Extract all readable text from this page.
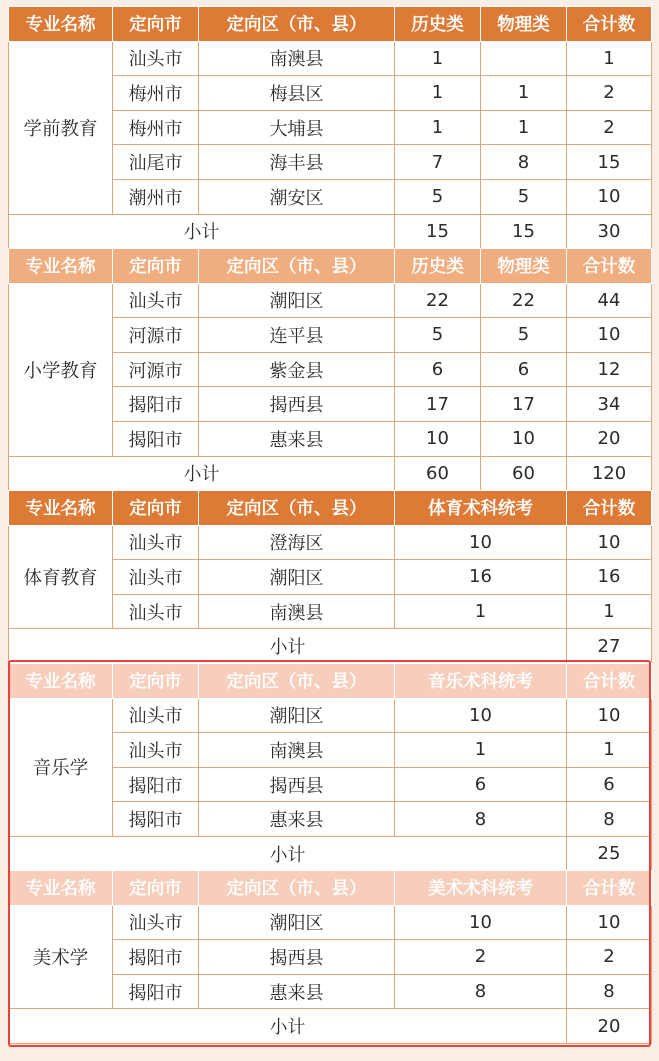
专业名称	定向市	定向区（市、县）	历史类	物理类	合计数
学前教育	汕头市	南澳县	1		1
	梅州市	梅县区	1	1	2
	梅州市	大埔县	1	1	2
	汕尾市	海丰县	7	8	15
	潮州市	潮安区	5	5	10
小计			15	15	30
专业名称	定向市	定向区（市、县）	历史类	物理类	合计数
小学教育	汕头市	潮阳区	22	22	44
	河源市	连平县	5	5	10
	河源市	紫金县	6	6	12
	揭阳市	揭西县	17	17	34
	揭阳市	惠来县	10	10	20
小计			60	60	120
专业名称	定向市	定向区（市、县）	体育术科统考	合计数
体育教育	汕头市	澄海区	10	10
	汕头市	潮阳区	16	16
	汕头市	南澳县	1	1
小计				27
专业名称	定向市	定向区（市、县）	音乐术科统考	合计数
音乐学	汕头市	潮阳区	10	10
	汕头市	南澳县	1	1
	揭阳市	揭西县	6	6
	揭阳市	惠来县	8	8
小计				25
专业名称	定向市	定向区（市、县）	美术术科统考	合计数
美术学	汕头市	潮阳区	10	10
	揭阳市	揭西县	2	2
	揭阳市	惠来县	8	8
小计				20
